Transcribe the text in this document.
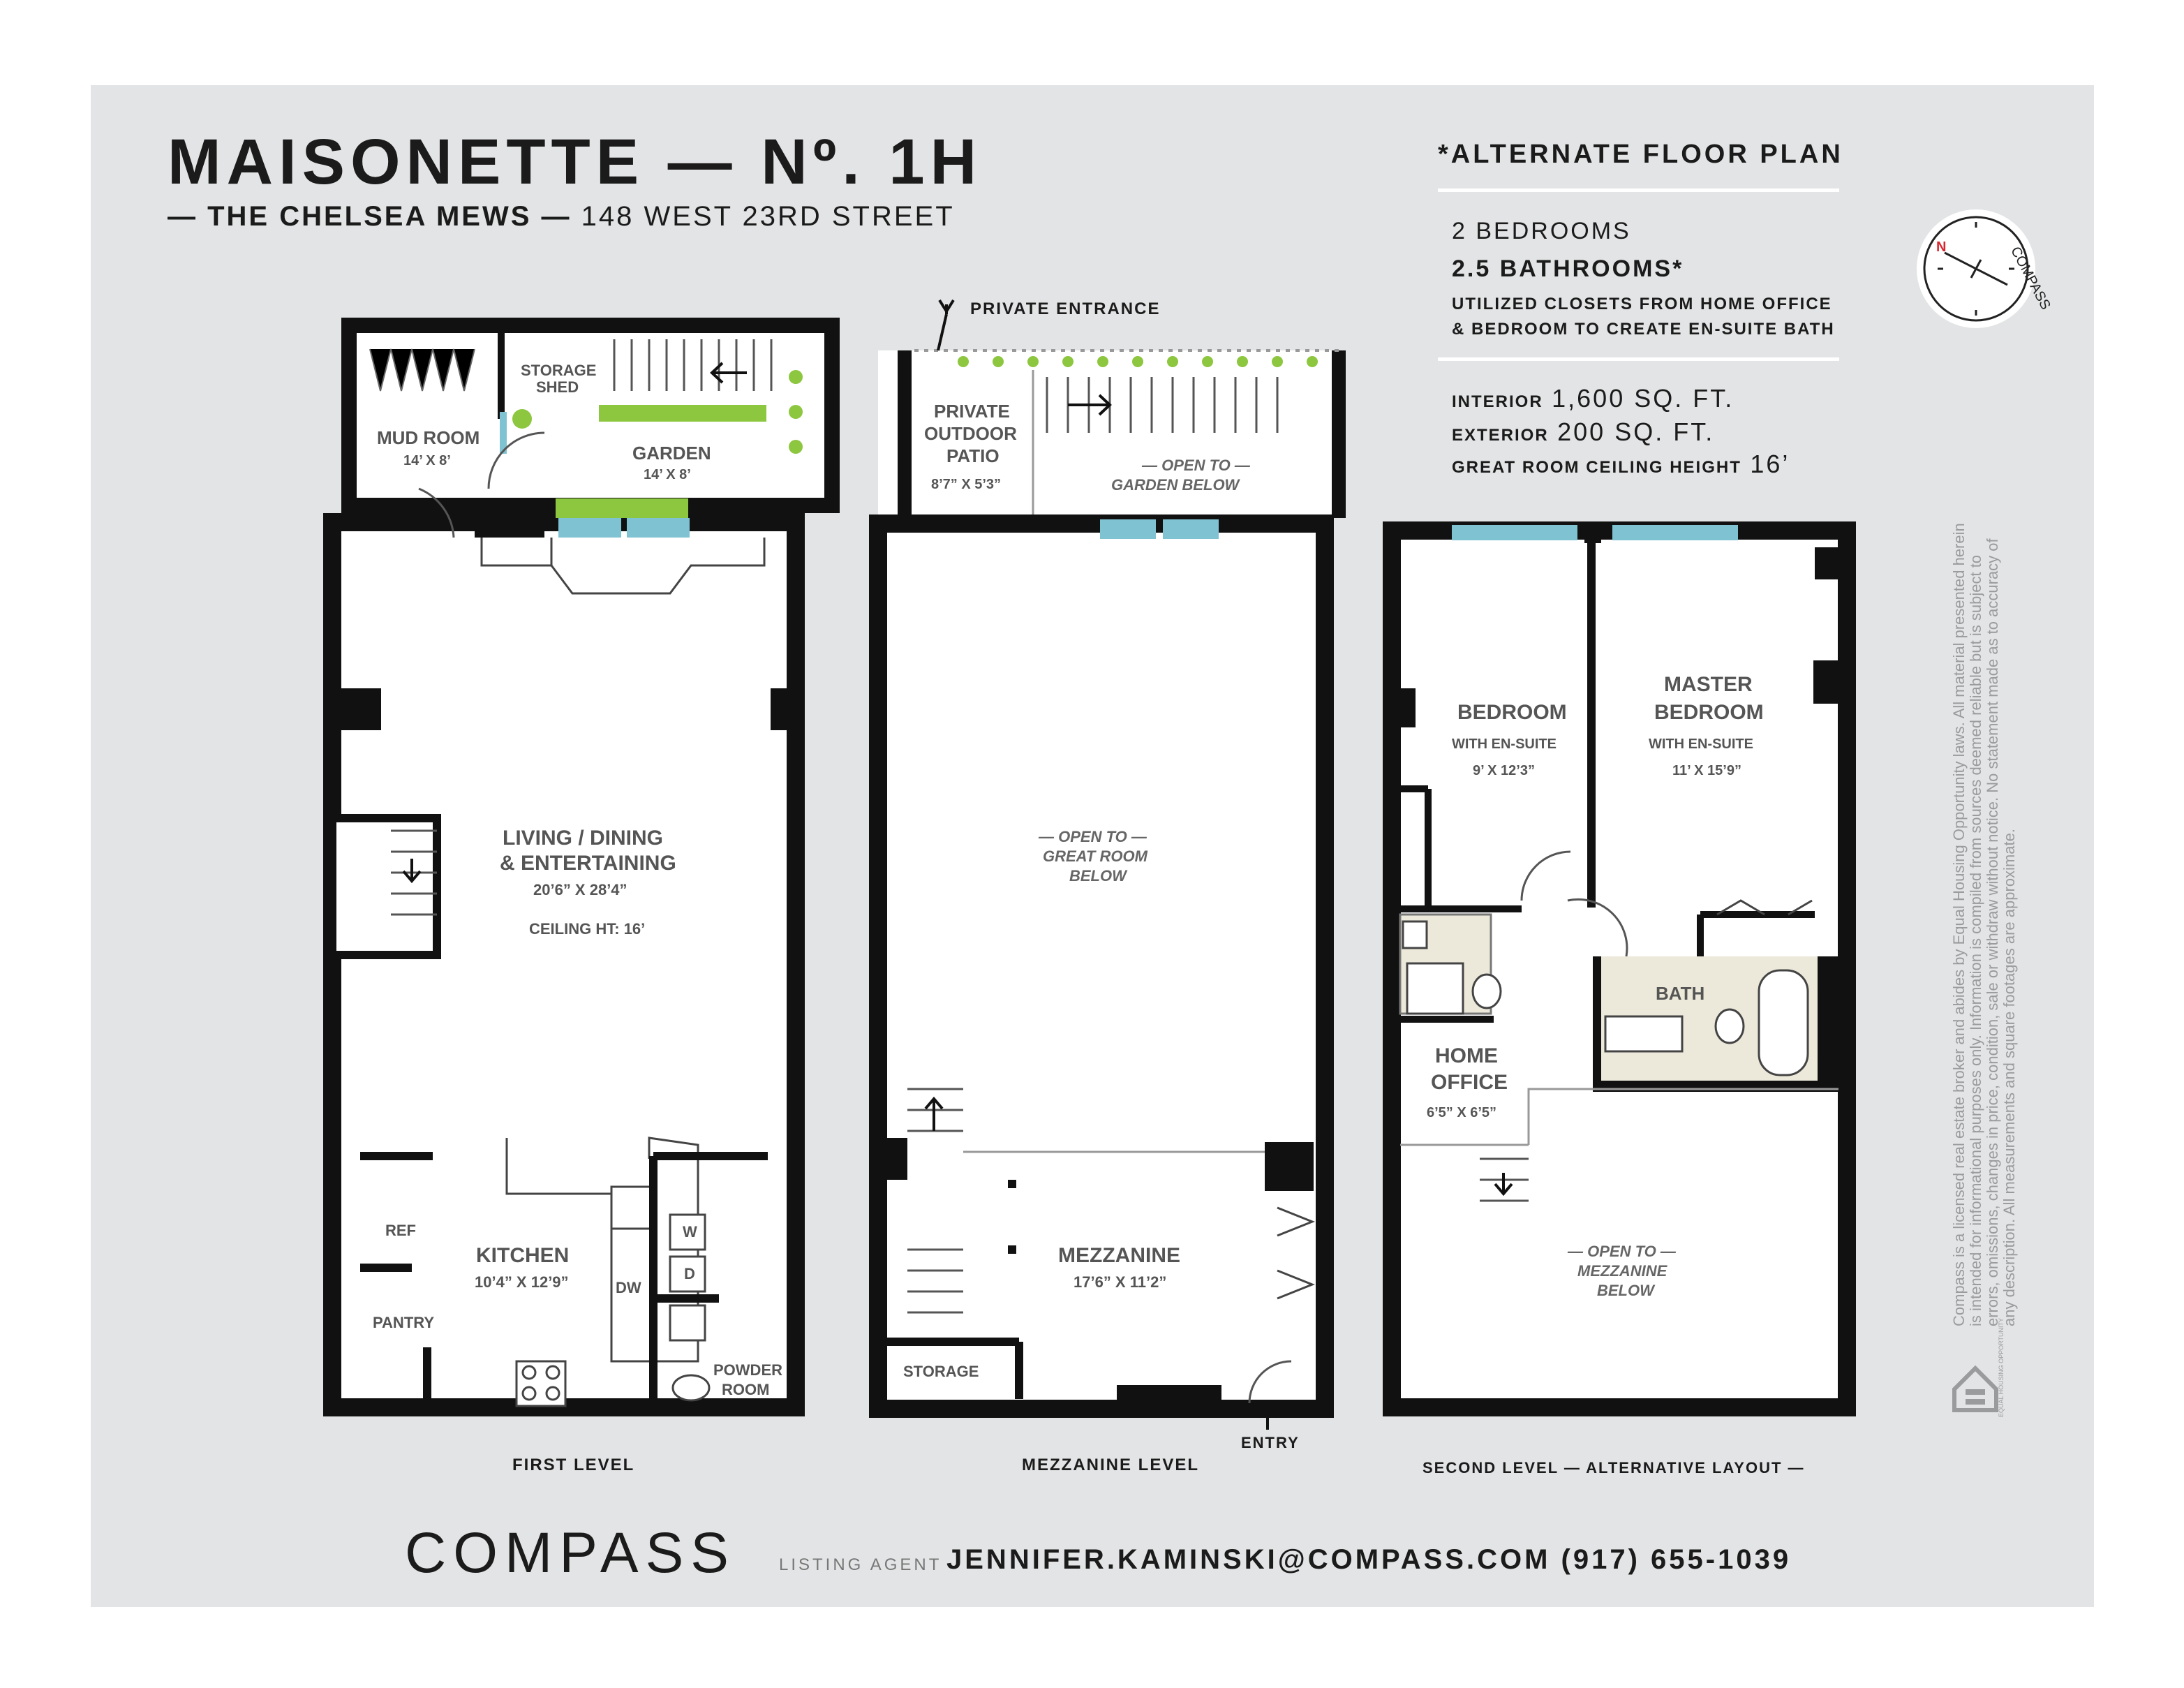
MAISONETTE — Nº. 1H
— THE CHELSEA MEWS — 148 WEST 23RD STREET
*ALTERNATE FLOOR PLAN
2 BEDROOMS
2.5 BATHROOMS*
UTILIZED CLOSETS FROM HOME OFFICE
& BEDROOM TO CREATE EN-SUITE BATH
INTERIOR 1,600 SQ. FT.
EXTERIOR 200 SQ. FT.
GREAT ROOM CEILING HEIGHT 16’
N	COMPASS
Compass is a licensed real estate broker and abides by Equal Housing Opportunity laws. All material presented herein is intended for informational purposes only. Information is compiled from sources deemed reliable but is subject to errors, omissions, changes in price, condition, sale or withdraw without notice. No statement made as to accuracy of any description. All measurements and square footages are approximate.
MUD ROOM
14’ X 8’
STORAGE
SHED
GARDEN
14’ X 8’
LIVING / DINING
& ENTERTAINING
20’6” X 28’4”
CEILING HT: 16’
REF
KITCHEN
10’4” X 12’9”	DW
W
D
PANTRY
POWDER
ROOM
FIRST LEVEL
PRIVATE ENTRANCE
PRIVATE
OUTDOOR
PATIO
8’7” X 5’3”
— OPEN TO —
GARDEN BELOW
— OPEN TO —
GREAT ROOM
BELOW
MEZZANINE
17’6” X 11’2”
STORAGE
ENTRY
MEZZANINE LEVEL
BEDROOM
WITH EN-SUITE
9’ X 12’3”
MASTER
BEDROOM
WITH EN-SUITE
11’ X 15’9”
BATH
HOME
OFFICE
6’5” X 6’5”
— OPEN TO —
MEZZANINE
BELOW
SECOND LEVEL — ALTERNATIVE LAYOUT —
EQUAL HOUSING OPPORTUNITY
COMPASS	LISTING AGENT JENNIFER.KAMINSKI@COMPASS.COM (917) 655-1039
